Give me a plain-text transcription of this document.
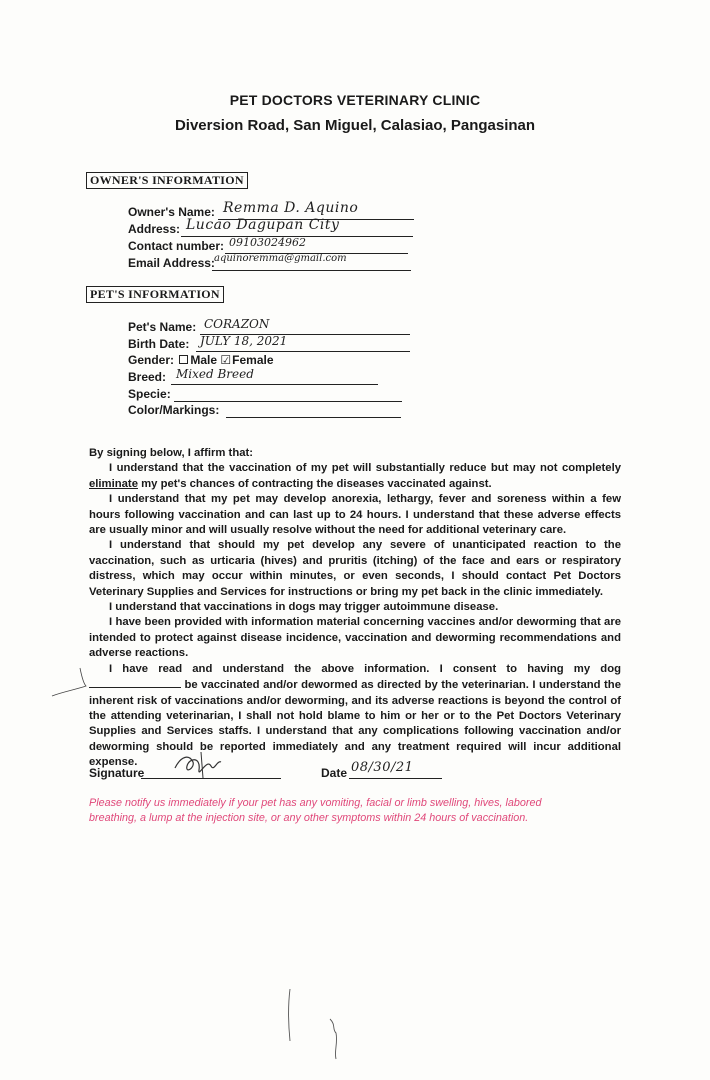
PET DOCTORS VETERINARY CLINIC
Diversion Road, San Miguel, Calasiao, Pangasinan
OWNER'S INFORMATION
Owner's Name: Remma D. Aquino
Address: Lucao Dagupan City
Contact number: 09103024962
Email Address: aquinoremma@gmail.com
PET'S INFORMATION
Pet's Name: CORAZON
Birth Date: JULY 18, 2021
Gender: Male ☑Female
Breed: Mixed Breed
Specie:
Color/Markings:

By signing below, I affirm that:

I understand that the vaccination of my pet will substantially reduce but may not completely eliminate my pet's chances of contracting the diseases vaccinated against.

I understand that my pet may develop anorexia, lethargy, fever and soreness within a few hours following vaccination and can last up to 24 hours. I understand that these adverse effects are usually minor and will usually resolve without the need for additional veterinary care.

I understand that should my pet develop any severe of unanticipated reaction to the vaccination, such as urticaria (hives) and pruritis (itching) of the face and ears or respiratory distress, which may occur within minutes, or even seconds, I should contact Pet Doctors Veterinary Supplies and Services for instructions or bring my pet back in the clinic immediately.

I understand that vaccinations in dogs may trigger autoimmune disease.

I have been provided with information material concerning vaccines and/or deworming that are intended to protect against disease incidence, vaccination and deworming recommendations and adverse reactions.

I have read and understand the above information. I consent to having my dog  be vaccinated and/or dewormed as directed by the veterinarian. I understand the inherent risk of vaccinations and/or deworming, and its adverse reactions is beyond the control of the attending veterinarian, I shall not hold blame to him or her or to the Pet Doctors Veterinary Supplies and Services staffs. I understand that any complications following vaccination and/or deworming should be reported immediately and any treatment required will incur additional expense.

Signature	Date 08/30/21
Please notify us immediately if your pet has any vomiting, facial or limb swelling, hives, labored breathing, a lump at the injection site, or any other symptoms within 24 hours of vaccination.
